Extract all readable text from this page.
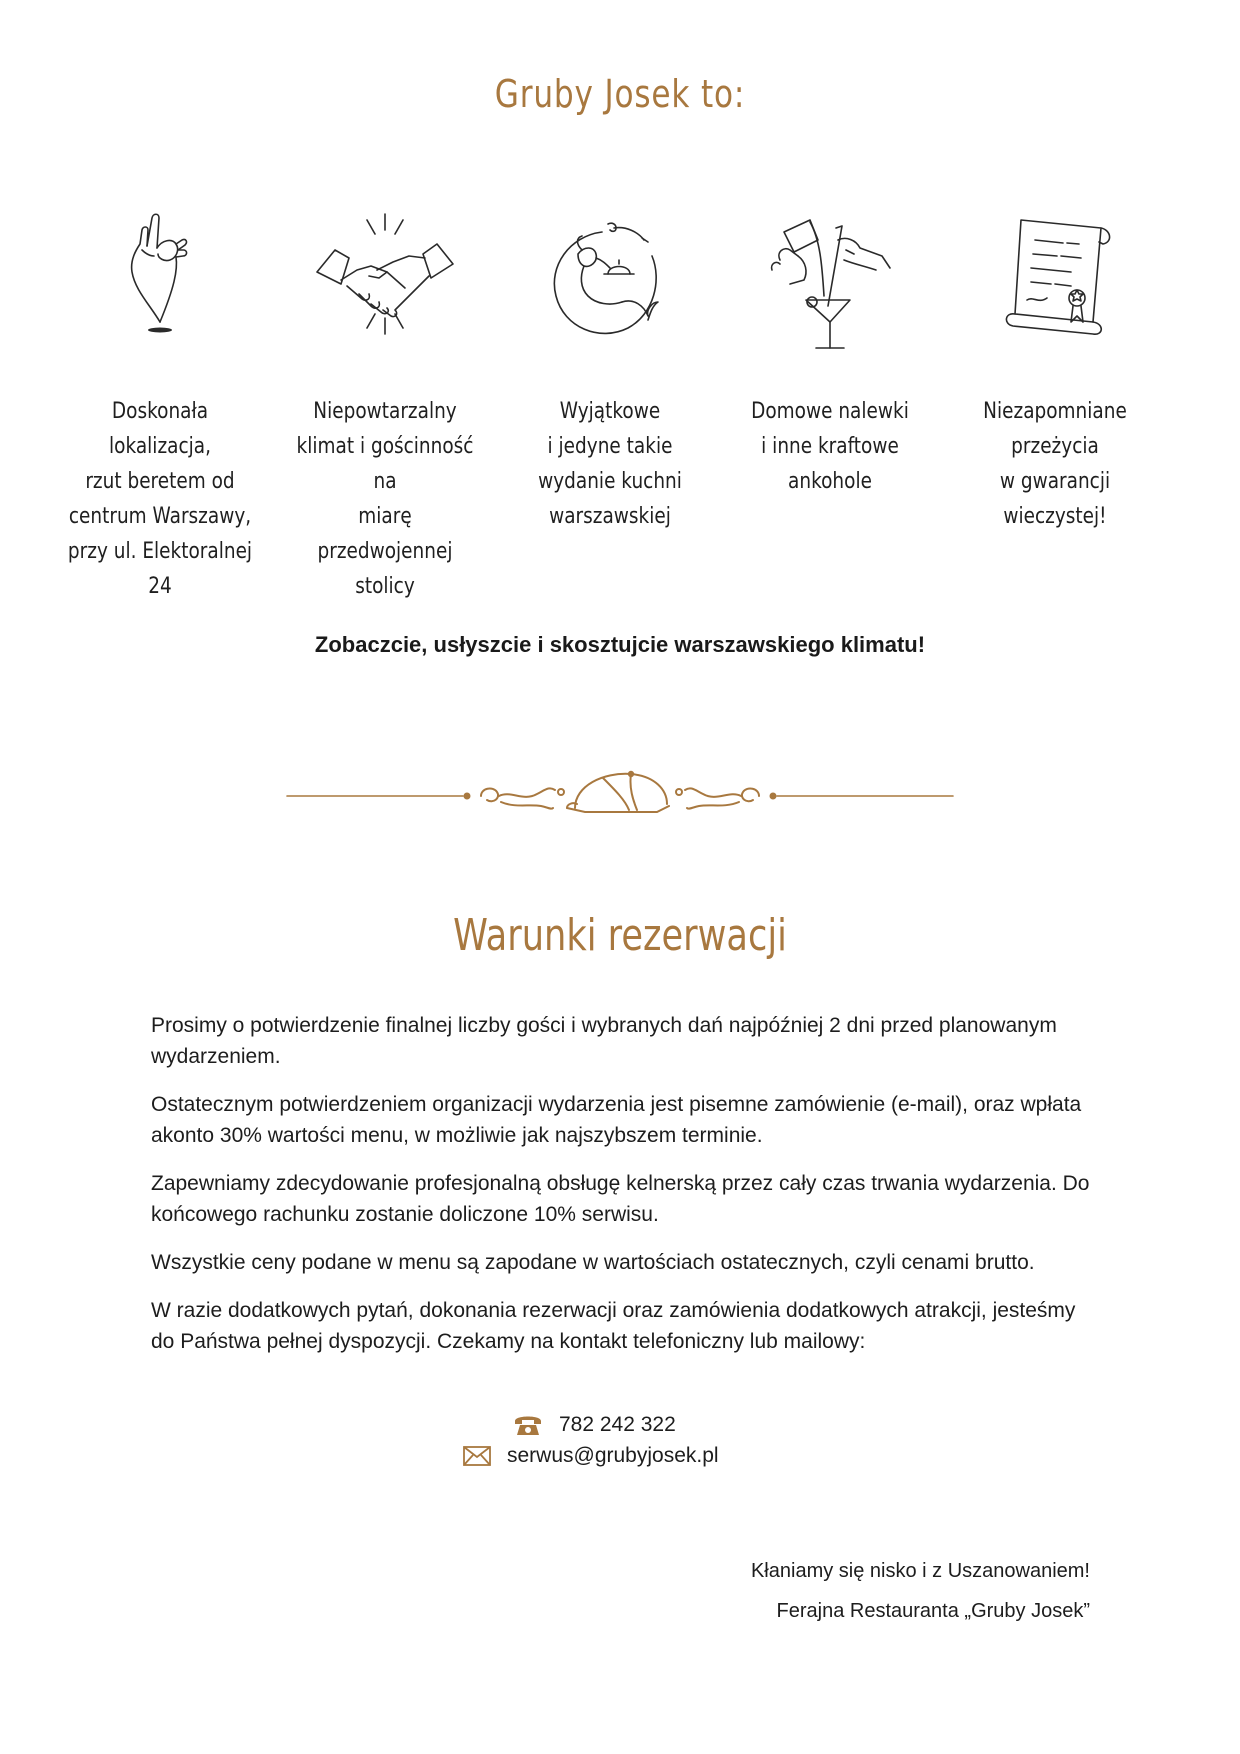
Gruby Josek to:
Doskonała lokalizacja,
rzut beretem od
centrum Warszawy,
przy ul. Elektoralnej 24
Niepowtarzalny
klimat i gościnność na
miarę przedwojennej
stolicy
Wyjątkowe
i jedyne takie
wydanie kuchni
warszawskiej
Domowe nalewki
i inne kraftowe
ankohole
Niezapomniane
przeżycia
w gwarancji
wieczystej!
Zobaczcie, usłyszcie i skosztujcie warszawskiego klimatu!
Warunki rezerwacji

Prosimy o potwierdzenie finalnej liczby gości i wybranych dań najpóźniej 2 dni przed planowanym wydarzeniem.

Ostatecznym potwierdzeniem organizacji wydarzenia jest pisemne zamówienie (e-mail), oraz wpłata akonto 30% wartości menu, w możliwie jak najszybszem terminie.

Zapewniamy zdecydowanie profesjonalną obsługę kelnerską przez cały czas trwania wydarzenia. Do końcowego rachunku zostanie doliczone 10% serwisu.

Wszystkie ceny podane w menu są zapodane w wartościach ostatecznych, czyli cenami brutto.

W razie dodatkowych pytań, dokonania rezerwacji oraz zamówienia dodatkowych atrakcji, jesteśmy do Państwa pełnej dyspozycji. Czekamy na kontakt telefoniczny lub mailowy:

782 242 322
serwus@grubyjosek.pl
Kłaniamy się nisko i z Uszanowaniem!
Ferajna Restauranta „Gruby Josek”
